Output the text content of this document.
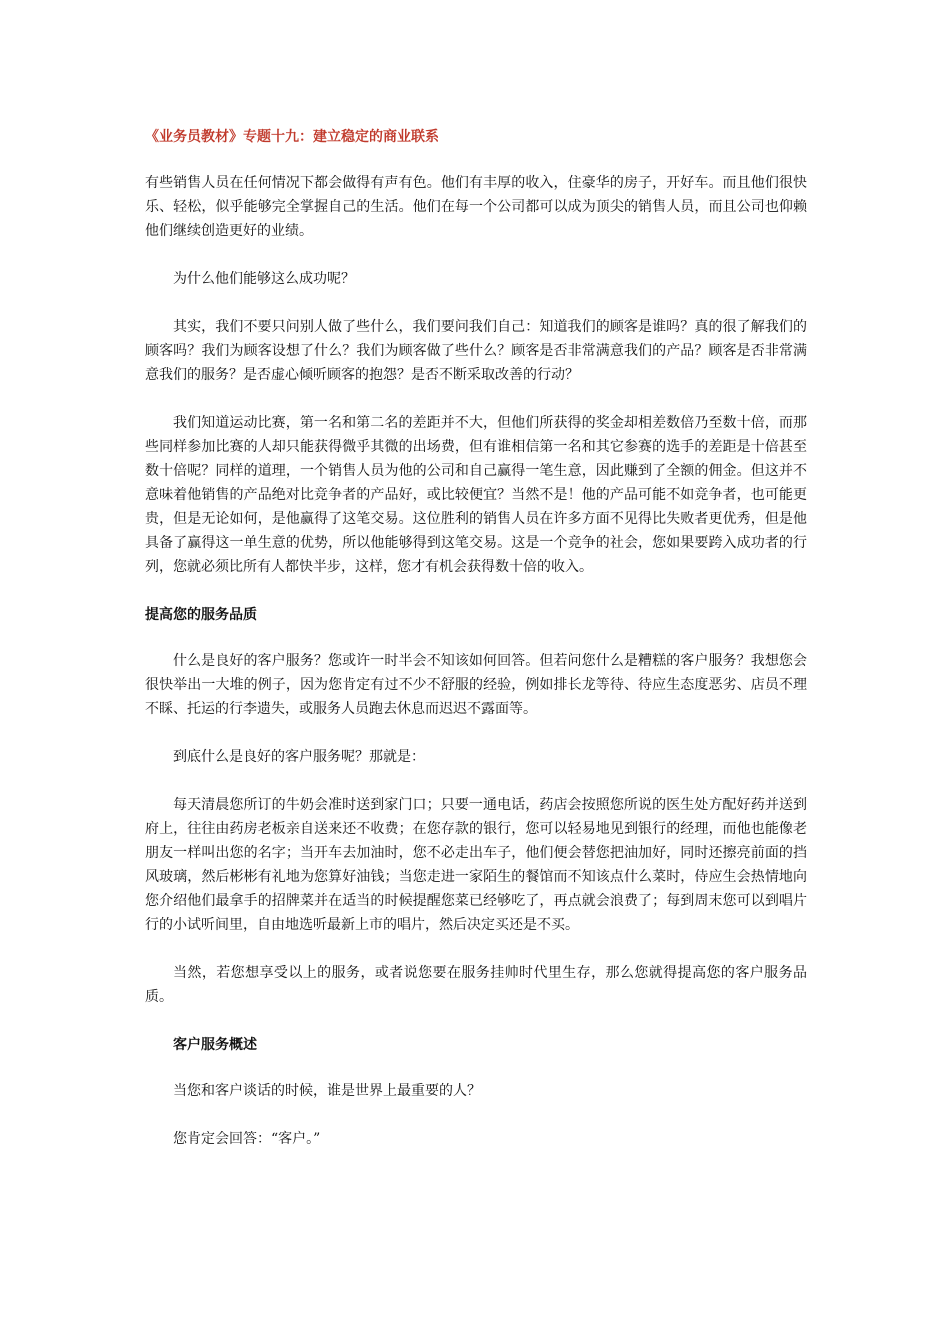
《业务员教材》专题十九：建立稳定的商业联系

有些销售人员在任何情况下都会做得有声有色。他们有丰厚的收入，住豪华的房子，开好车。而且他们很快乐、轻松，似乎能够完全掌握自己的生活。他们在每一个公司都可以成为顶尖的销售人员，而且公司也仰赖他们继续创造更好的业绩。

为什么他们能够这么成功呢？

其实，我们不要只问别人做了些什么，我们要问我们自己：知道我们的顾客是谁吗？真的很了解我们的顾客吗？我们为顾客设想了什么？我们为顾客做了些什么？顾客是否非常满意我们的产品？顾客是否非常满意我们的服务？是否虚心倾听顾客的抱怨？是否不断采取改善的行动？

我们知道运动比赛，第一名和第二名的差距并不大，但他们所获得的奖金却相差数倍乃至数十倍，而那些同样参加比赛的人却只能获得微乎其微的出场费，但有谁相信第一名和其它参赛的选手的差距是十倍甚至数十倍呢？同样的道理，一个销售人员为他的公司和自己赢得一笔生意，因此赚到了全额的佣金。但这并不意味着他销售的产品绝对比竞争者的产品好，或比较便宜？当然不是！他的产品可能不如竞争者，也可能更贵，但是无论如何，是他赢得了这笔交易。这位胜利的销售人员在许多方面不见得比失败者更优秀，但是他具备了赢得这一单生意的优势，所以他能够得到这笔交易。这是一个竞争的社会，您如果要跨入成功者的行列，您就必须比所有人都快半步，这样，您才有机会获得数十倍的收入。

提高您的服务品质

什么是良好的客户服务？您或许一时半会不知该如何回答。但若问您什么是糟糕的客户服务？我想您会很快举出一大堆的例子，因为您肯定有过不少不舒服的经验，例如排长龙等待、待应生态度恶劣、店员不理不睬、托运的行李遗失，或服务人员跑去休息而迟迟不露面等。

到底什么是良好的客户服务呢？那就是：

每天清晨您所订的牛奶会准时送到家门口；只要一通电话，药店会按照您所说的医生处方配好药并送到府上，往往由药房老板亲自送来还不收费；在您存款的银行，您可以轻易地见到银行的经理，而他也能像老朋友一样叫出您的名字；当开车去加油时，您不必走出车子，他们便会替您把油加好，同时还擦亮前面的挡风玻璃，然后彬彬有礼地为您算好油钱；当您走进一家陌生的餐馆而不知该点什么菜时，侍应生会热情地向您介绍他们最拿手的招牌菜并在适当的时候提醒您菜已经够吃了，再点就会浪费了；每到周末您可以到唱片行的小试听间里，自由地选听最新上市的唱片，然后决定买还是不买。

当然，若您想享受以上的服务，或者说您要在服务挂帅时代里生存，那么您就得提高您的客户服务品质。

客户服务概述

当您和客户谈话的时候，谁是世界上最重要的人？

您肯定会回答：“客户。”
